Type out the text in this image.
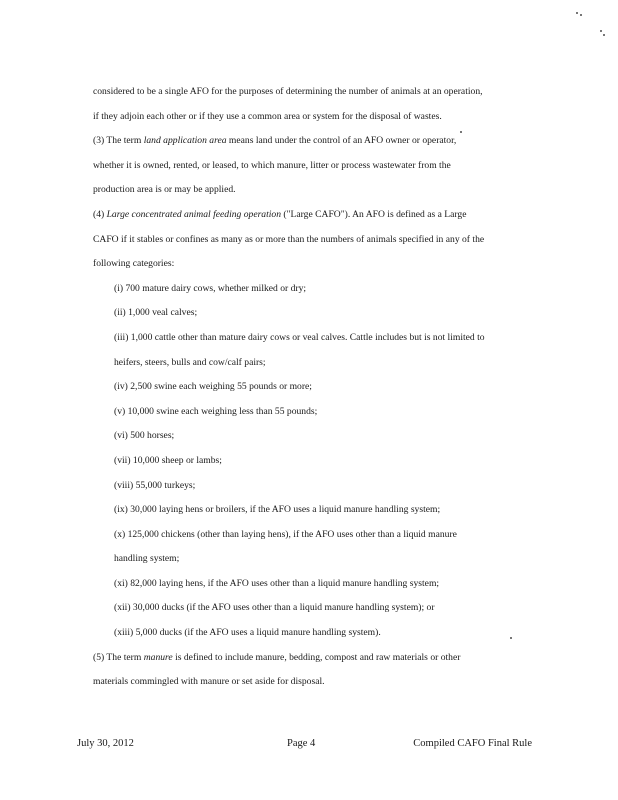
considered to be a single AFO for the purposes of determining the number of animals at an operation,
if they adjoin each other or if they use a common area or system for the disposal of wastes.
(3) The term land application area means land under the control of an AFO owner or operator,
whether it is owned, rented, or leased, to which manure, litter or process wastewater from the
production area is or may be applied.
(4) Large concentrated animal feeding operation ("Large CAFO"). An AFO is defined as a Large
CAFO if it stables or confines as many as or more than the numbers of animals specified in any of the
following categories:
(i) 700 mature dairy cows, whether milked or dry;
(ii) 1,000 veal calves;
(iii) 1,000 cattle other than mature dairy cows or veal calves. Cattle includes but is not limited to
heifers, steers, bulls and cow/calf pairs;
(iv) 2,500 swine each weighing 55 pounds or more;
(v) 10,000 swine each weighing less than 55 pounds;
(vi) 500 horses;
(vii) 10,000 sheep or lambs;
(viii) 55,000 turkeys;
(ix) 30,000 laying hens or broilers, if the AFO uses a liquid manure handling system;
(x) 125,000 chickens (other than laying hens), if the AFO uses other than a liquid manure
handling system;
(xi) 82,000 laying hens, if the AFO uses other than a liquid manure handling system;
(xii) 30,000 ducks (if the AFO uses other than a liquid manure handling system); or
(xiii) 5,000 ducks (if the AFO uses a liquid manure handling system).
(5) The term manure is defined to include manure, bedding, compost and raw materials or other
materials commingled with manure or set aside for disposal.
July 30, 2012	Page 4	Compiled CAFO Final Rule
